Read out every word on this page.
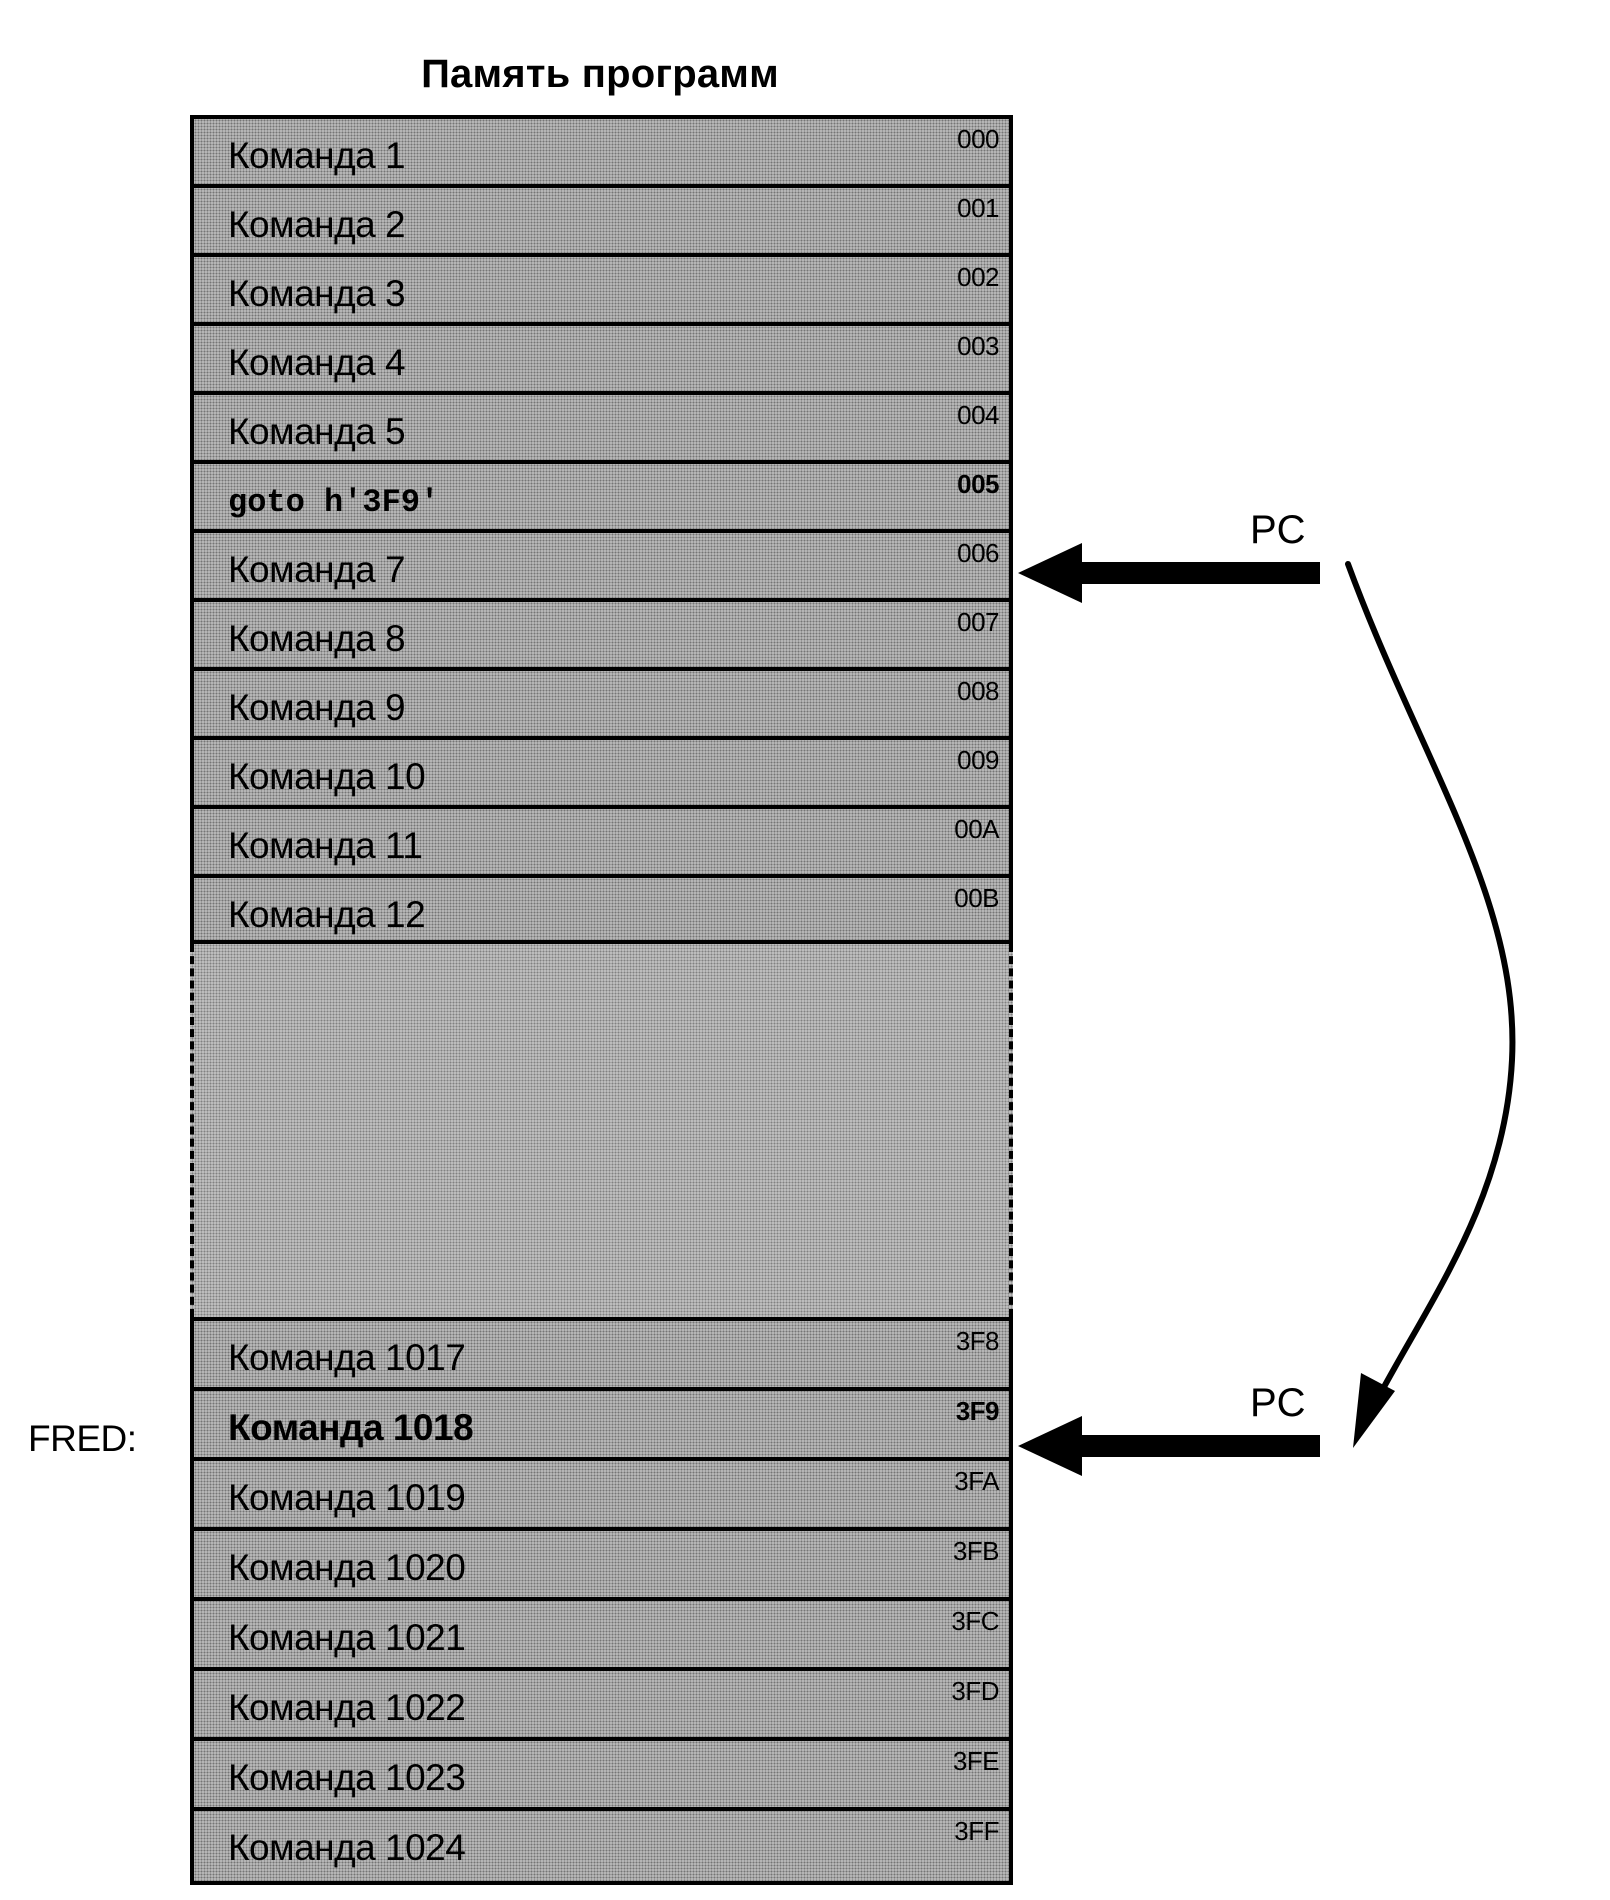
Память программ
Команда 1	000
Команда 2	001
Команда 3	002
Команда 4	003
Команда 5	004
goto h'3F9'	005
Команда 7	006
Команда 8	007
Команда 9	008
Команда 10	009
Команда 11	00A
Команда 12	00B
Команда 1017	3F8
Команда 1018	3F9
Команда 1019	3FA
Команда 1020	3FB
Команда 1021	3FC
Команда 1022	3FD
Команда 1023	3FE
Команда 1024	3FF
FRED:
PC
PC
